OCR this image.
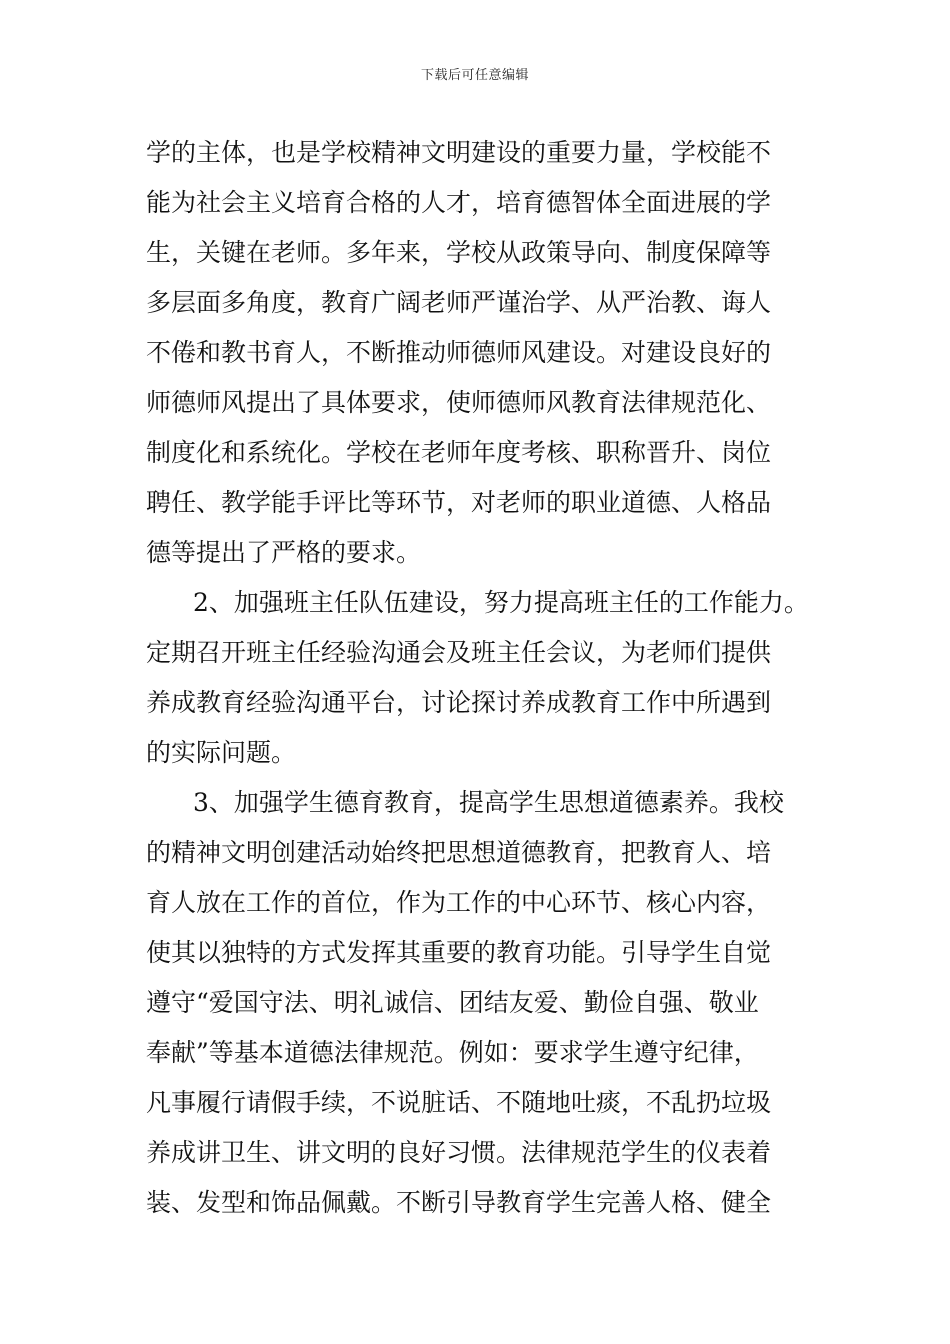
下载后可任意编辑
学的主体，也是学校精神文明建设的重要力量，学校能不
能为社会主义培育合格的人才，培育德智体全面进展的学
生，关键在老师。多年来，学校从政策导向、制度保障等
多层面多角度，教育广阔老师严谨治学、从严治教、诲人
不倦和教书育人，不断推动师德师风建设。对建设良好的
师德师风提出了具体要求，使师德师风教育法律规范化、
制度化和系统化。学校在老师年度考核、职称晋升、岗位
聘任、教学能手评比等环节，对老师的职业道德、人格品
德等提出了严格的要求。
2、加强班主任队伍建设，努力提高班主任的工作能力。
定期召开班主任经验沟通会及班主任会议，为老师们提供
养成教育经验沟通平台，讨论探讨养成教育工作中所遇到
的实际问题。
3、加强学生德育教育，提高学生思想道德素养。我校
的精神文明创建活动始终把思想道德教育，把教育人、培
育人放在工作的首位，作为工作的中心环节、核心内容，
使其以独特的方式发挥其重要的教育功能。引导学生自觉
遵守“爱国守法、明礼诚信、团结友爱、勤俭自强、敬业
奉献”等基本道德法律规范。例如：要求学生遵守纪律，
凡事履行请假手续，不说脏话、不随地吐痰，不乱扔垃圾
养成讲卫生、讲文明的良好习惯。法律规范学生的仪表着
装、发型和饰品佩戴。不断引导教育学生完善人格、健全
